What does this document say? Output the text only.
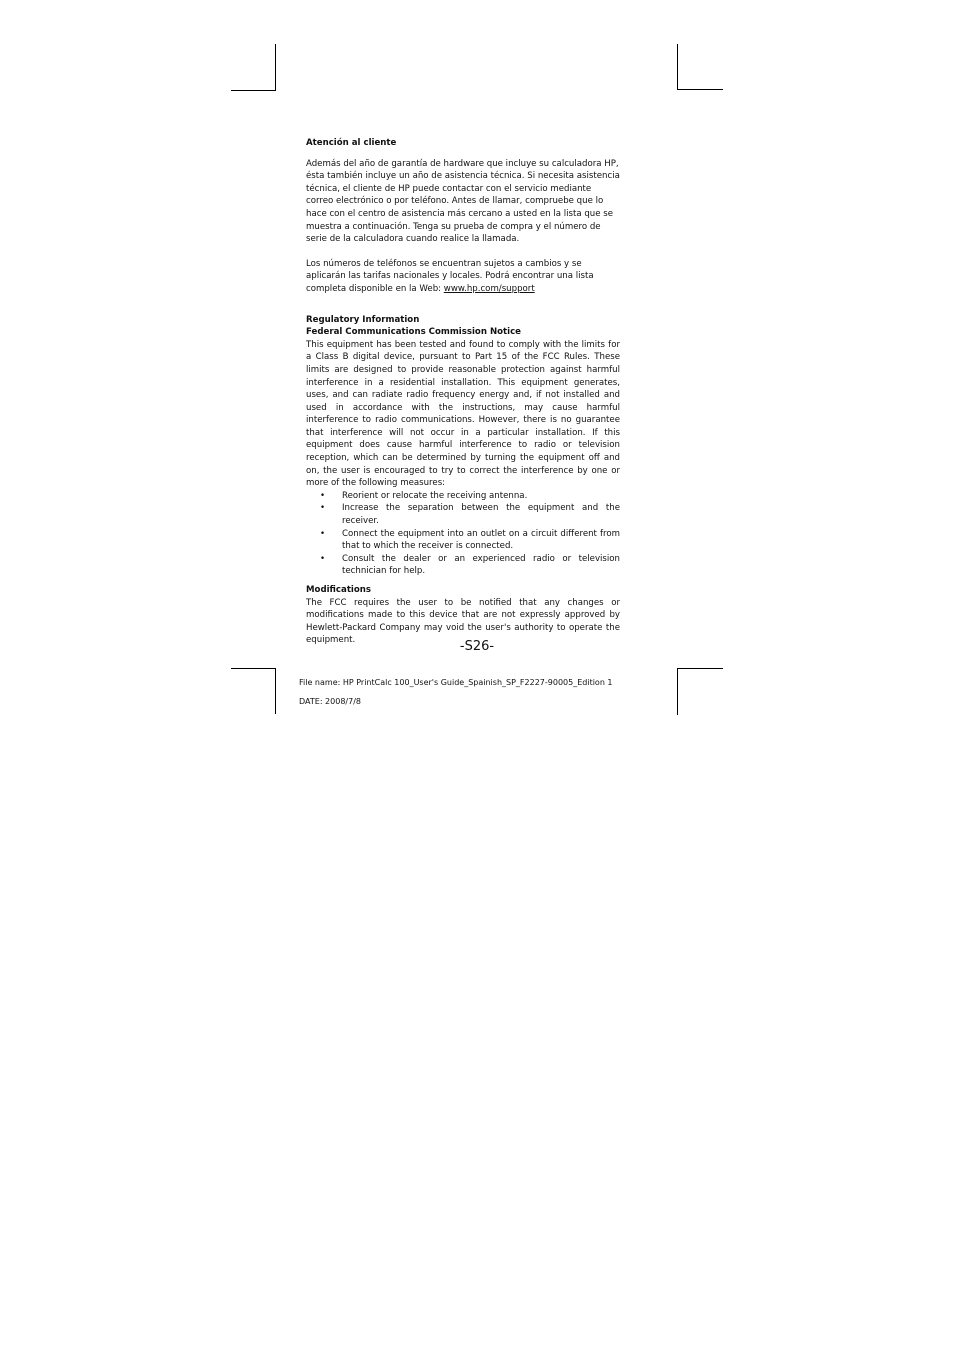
Atención al cliente

Además del año de garantía de hardware que incluye su calculadora HP, ésta también incluye un año de asistencia técnica. Si necesita asistencia técnica, el cliente de HP puede contactar con el servicio mediante correo electrónico o por teléfono. Antes de llamar, compruebe que lo hace con el centro de asistencia más cercano a usted en la lista que se muestra a continuación. Tenga su prueba de compra y el número de serie de la calculadora cuando realice la llamada.

Los números de teléfonos se encuentran sujetos a cambios y se aplicarán las tarifas nacionales y locales. Podrá encontrar una lista completa disponible en la Web: www.hp.com/support

Regulatory Information

Federal Communications Commission Notice

This equipment has been tested and found to comply with the limits for a Class B digital device, pursuant to Part 15 of the FCC Rules. These limits are designed to provide reasonable protection against harmful interference in a residential installation. This equipment generates, uses, and can radiate radio frequency energy and, if not installed and used in accordance with the instructions, may cause harmful interference to radio communications. However, there is no guarantee that interference will not occur in a particular installation. If this equipment does cause harmful interference to radio or television reception, which can be determined by turning the equipment off and on, the user is encouraged to try to correct the interference by one or more of the following measures:

• Reorient or relocate the receiving antenna.
• Increase the separation between the equipment and the receiver.
• Connect the equipment into an outlet on a circuit different from that to which the receiver is connected.
• Consult the dealer or an experienced radio or television technician for help.

Modifications

The FCC requires the user to be notified that any changes or modifications made to this device that are not expressly approved by Hewlett-Packard Company may void the user's authority to operate the equipment.	-S26-
File name: HP PrintCalc 100_User's Guide_Spainish_SP_F2227-90005_Edition 1
DATE: 2008/7/8
